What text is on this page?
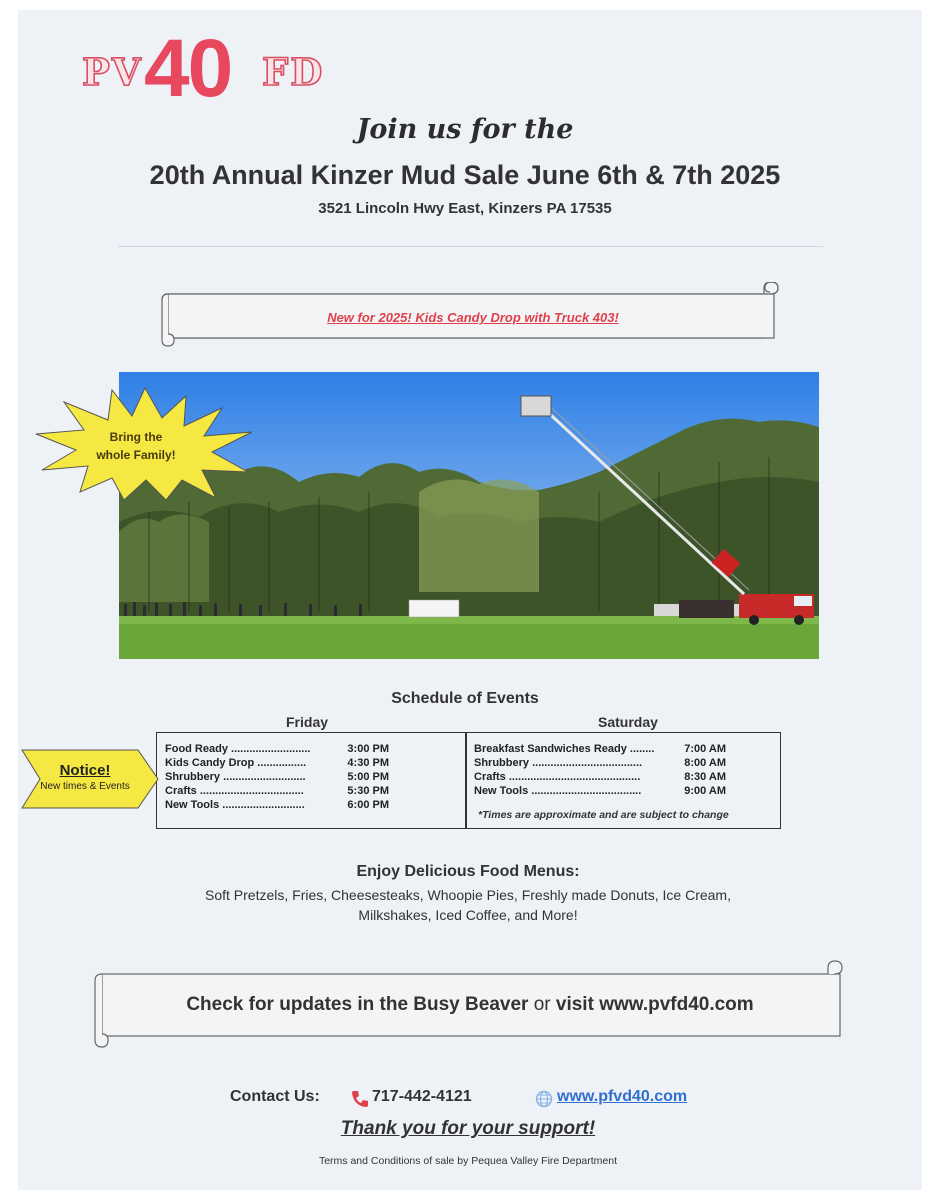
PV 40 FD
Join us for the
20th Annual Kinzer Mud Sale June 6th & 7th 2025
3521 Lincoln Hwy East, Kinzers PA 17535
New for 2025! Kids Candy Drop with Truck 403!
Bring the
whole Family!
Schedule of Events
Friday	Saturday
Food Ready
..........................
	3:00 PM
Kids Candy Drop
................
	4:30 PM
Shrubbery
...........................	5:00 PM
Crafts
..................................	5:30 PM
New Tools
...........................	6:00 PM
Breakfast Sandwiches Ready
........	7:00 AM
Shrubbery
....................................	8:00 AM
Crafts
...........................................	8:30 AM
New Tools
....................................	9:00 AM
*Times are approximate and are subject to change
Notice!
New times & Events
Enjoy Delicious Food Menus:
Soft Pretzels, Fries, Cheesesteaks, Whoopie Pies, Freshly made Donuts, Ice Cream,
Milkshakes, Iced Coffee, and More!
Check for updates in the Busy Beaver or visit www.pvfd40.com
Contact Us:	717-442-4121	www.pfvd40.com
Thank you for your support!
Terms and Conditions of sale by Pequea Valley Fire Department
